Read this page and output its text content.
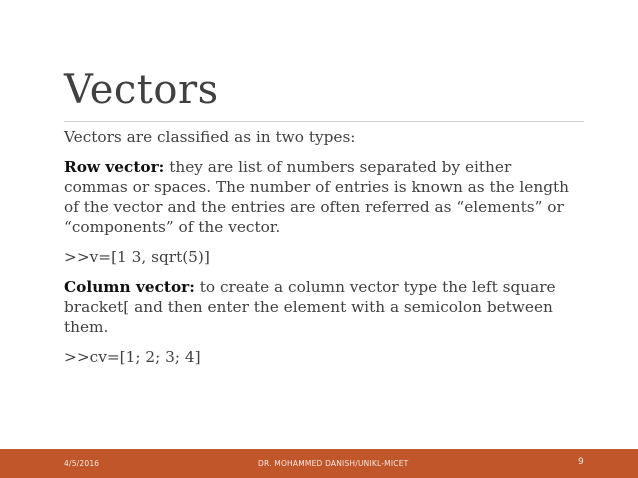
Vectors

Vectors are classified as in two types:

Row vector: they are list of numbers separated by either commas or spaces. The number of entries is known as the length of the vector and the entries are often referred as “elements” or “components” of the vector.

>>v=[1 3, sqrt(5)]

Column vector: to create a column vector type the left square bracket[ and then enter the element with a semicolon between them.

>>cv=[1; 2; 3; 4]

4/5/2016	DR. MOHAMMED DANISH/UNIKL-MICET	9
